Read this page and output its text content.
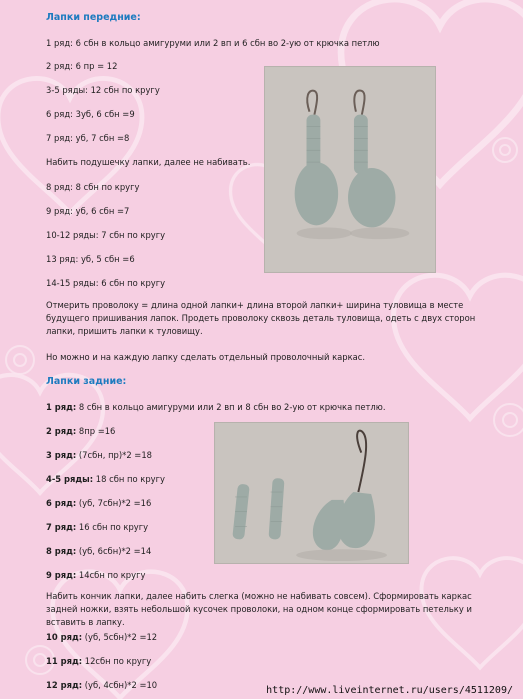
Лапки передние:
1 ряд: 6 сбн в кольцо амигуруми или 2 вп и 6 сбн во 2-ую от крючка петлю
2 ряд: 6 пр = 12
3-5 ряды: 12 сбн по кругу
6 ряд: 3уб, 6 сбн =9
7 ряд: уб, 7 сбн =8
Набить подушечку лапки, далее не набивать.
8 ряд: 8 сбн по кругу
9 ряд: уб, 6 сбн =7
10-12 ряды: 7 сбн по кругу
13 ряд: уб, 5 сбн =6
14-15 ряды: 6 сбн по кругу
Отмерить проволоку = длина одной лапки+ длина второй лапки+ ширина туловища в месте будущего пришивания лапок. Продеть проволоку сквозь деталь туловища, одеть с двух сторон лапки, пришить лапки к туловищу.
Но можно и на каждую лапку сделать отдельный проволочный каркас.
Лапки задние:
1 ряд: 8 сбн в кольцо амигуруми или 2 вп и 8 сбн во 2-ую от крючка петлю.
2 ряд: 8пр =16
3 ряд: (7сбн, пр)*2 =18
4-5 ряды: 18 сбн по кругу
6 ряд: (уб, 7сбн)*2 =16
7 ряд: 16 сбн по кругу
8 ряд: (уб, 6сбн)*2 =14
9 ряд: 14сбн по кругу
Набить кончик лапки, далее набить слегка (можно не набивать совсем). Сформировать каркас задней ножки, взять небольшой кусочек проволоки, на одном конце сформировать петельку и вставить в лапку.
10 ряд: (уб, 5сбн)*2 =12
11 ряд: 12сбн по кругу
12 ряд: (уб, 4сбн)*2 =10	http://www.liveinternet.ru/users/4511209/
